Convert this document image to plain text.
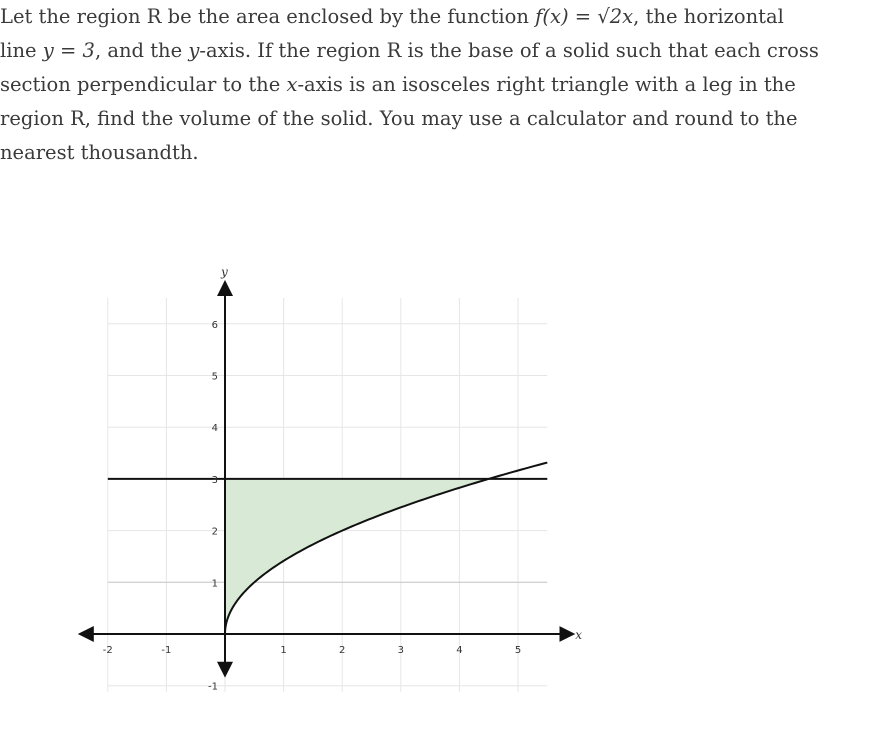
Let the region R be the area enclosed by the function f(x) = √2x, the horizontal
line y = 3, and the y-axis. If the region R is the base of a solid such that each cross
section perpendicular to the x-axis is an isosceles right triangle with a leg in the
region R, find the volume of the solid. You may use a calculator and round to the
nearest thousandth.
-2	-1	1	2	3	4	5
6
5
4
3
2
1
-1
x
y
